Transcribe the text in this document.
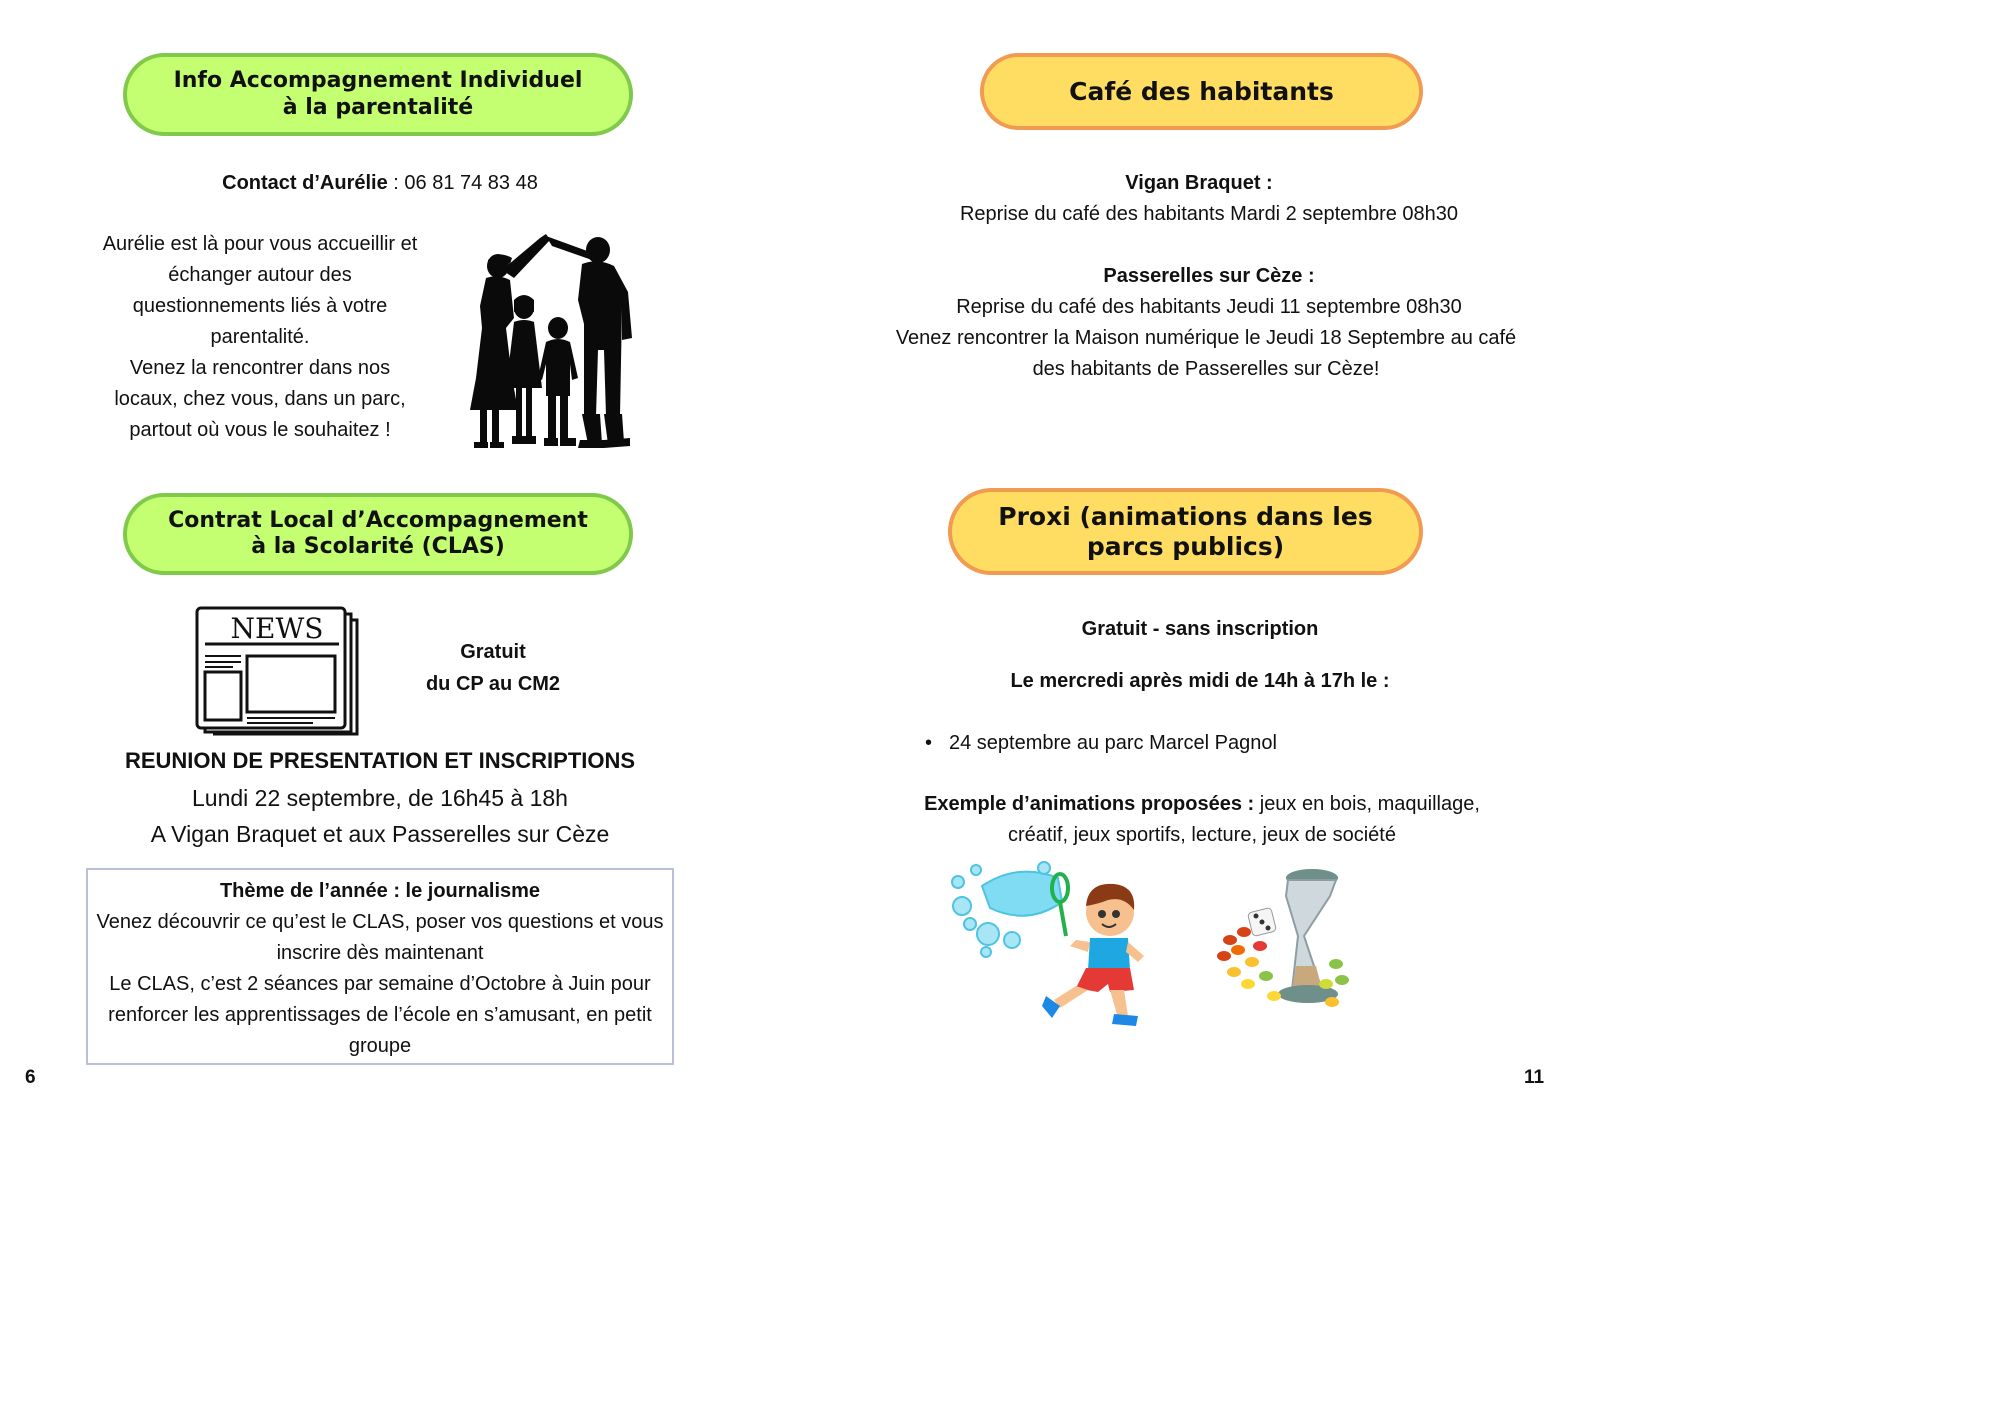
Info Accompagnement Individuel à la parentalité
Contact d’Aurélie : 06 81 74 83 48
Aurélie est là pour vous accueillir et
échanger autour des
questionnements liés à votre
parentalité.
Venez la rencontrer dans nos
locaux, chez vous, dans un parc,
partout où vous le souhaitez !
Contrat Local d’Accompagnement à la Scolarité (CLAS)
NEWS
Gratuit
du CP au CM2
REUNION DE PRESENTATION ET INSCRIPTIONS
Lundi 22 septembre, de 16h45 à 18h
A Vigan Braquet et aux Passerelles sur Cèze
Thème de l’année : le journalisme
Venez découvrir ce qu’est le CLAS, poser vos questions et vous
inscrire dès maintenant
Le CLAS, c’est 2 séances par semaine d’Octobre à Juin pour
renforcer les apprentissages de l’école en s’amusant, en petit
groupe
6
Café des habitants
Vigan Braquet :
Reprise du café des habitants Mardi 2 septembre 08h30
Passerelles sur Cèze :
Reprise du café des habitants Jeudi 11 septembre 08h30
Venez rencontrer la Maison numérique le Jeudi 18 Septembre au café
des habitants de Passerelles sur Cèze!
Proxi (animations dans les parcs publics)
Gratuit - sans inscription
Le mercredi après midi de 14h à 17h le :
• 24 septembre au parc Marcel Pagnol
Exemple d’animations proposées : jeux en bois, maquillage,
créatif, jeux sportifs, lecture, jeux de société
11
